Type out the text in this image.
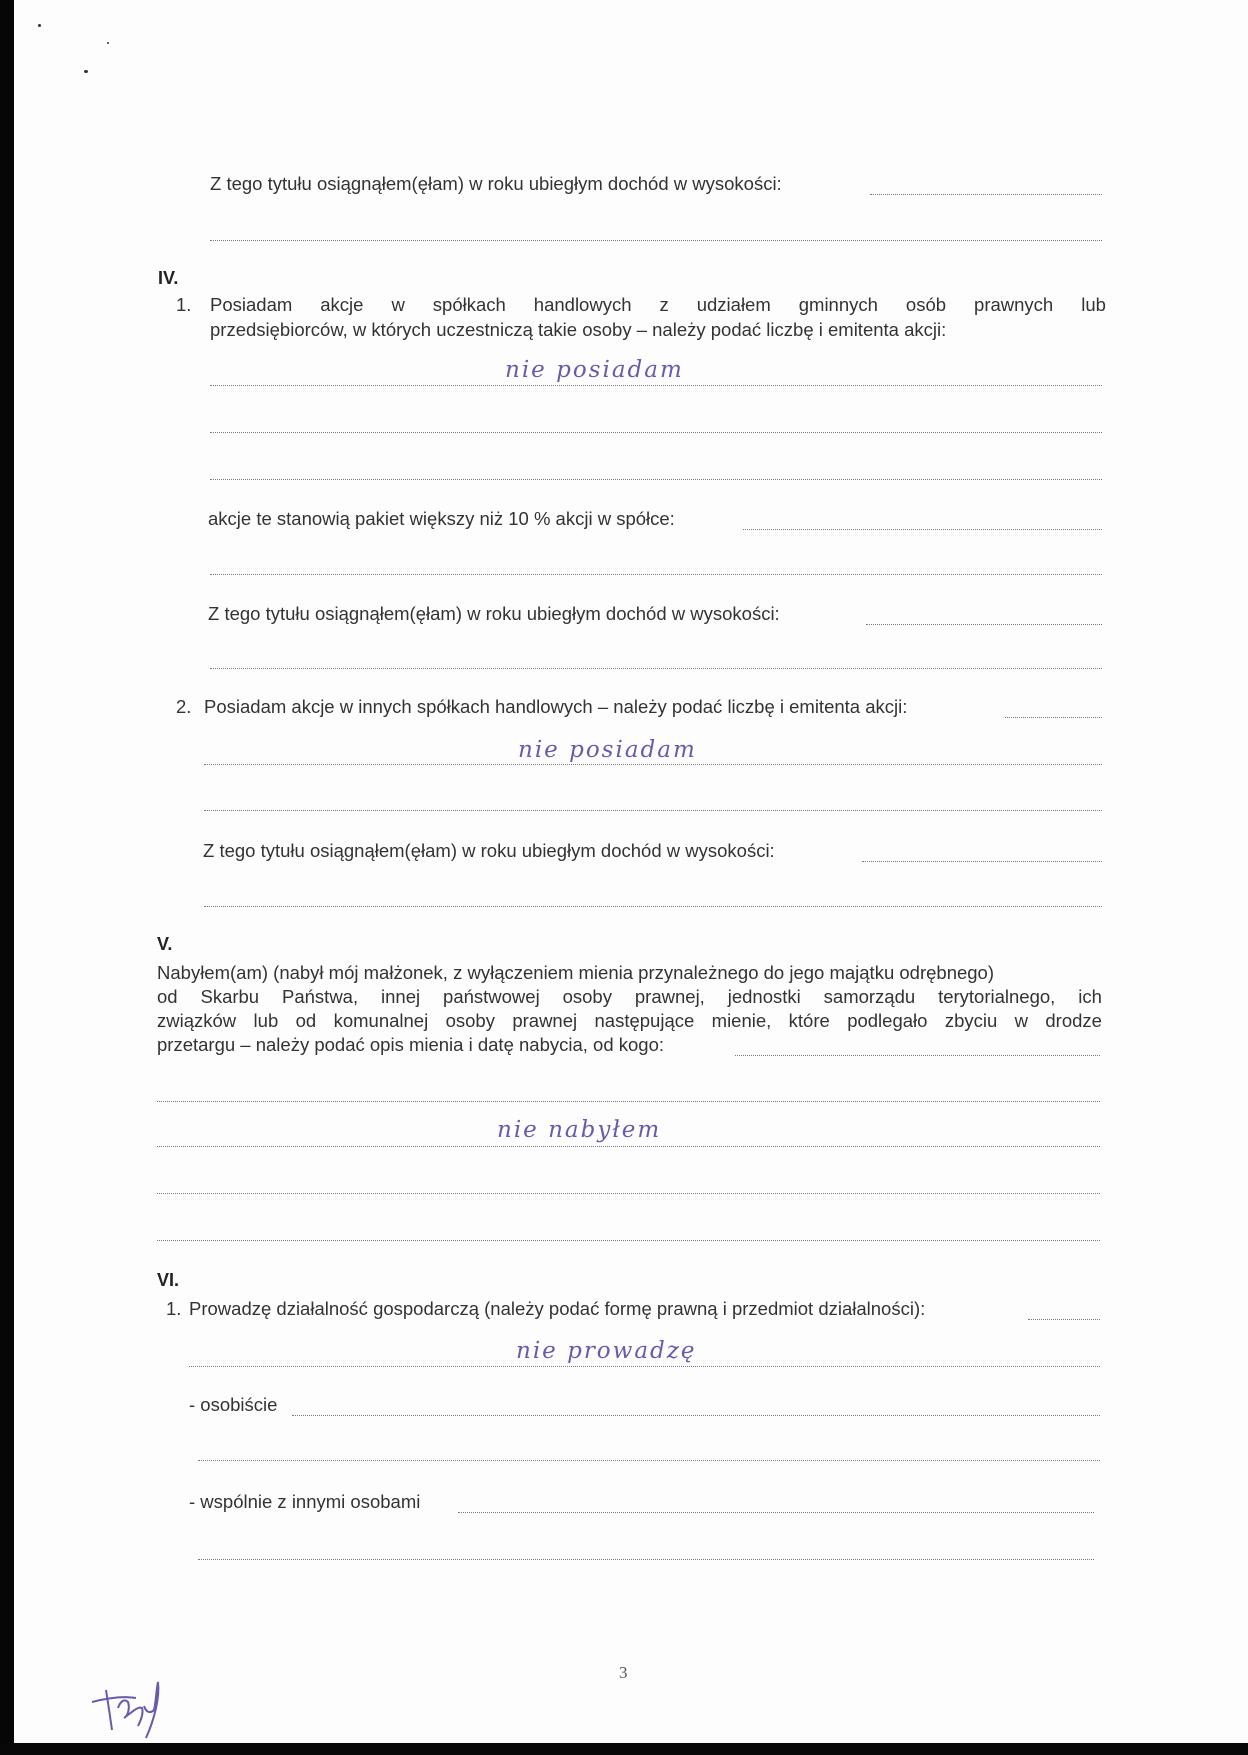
Z tego tytułu osiągnąłem(ęłam) w roku ubiegłym dochód w wysokości:
IV.
1. Posiadam akcje w spółkach handlowych z udziałem gminnych osób prawnych lub
przedsiębiorców, w których uczestniczą takie osoby – należy podać liczbę i emitenta akcji:
nie posiadam
akcje te stanowią pakiet większy niż 10 % akcji w spółce:
Z tego tytułu osiągnąłem(ęłam) w roku ubiegłym dochód w wysokości:
2. Posiadam akcje w innych spółkach handlowych – należy podać liczbę i emitenta akcji:
nie posiadam
Z tego tytułu osiągnąłem(ęłam) w roku ubiegłym dochód w wysokości:
V.
Nabyłem(am) (nabył mój małżonek, z wyłączeniem mienia przynależnego do jego majątku odrębnego)
od Skarbu Państwa, innej państwowej osoby prawnej, jednostki samorządu terytorialnego, ich
związków lub od komunalnej osoby prawnej następujące mienie, które podlegało zbyciu w drodze
przetargu – należy podać opis mienia i datę nabycia, od kogo:
nie nabyłem
VI.
1. Prowadzę działalność gospodarczą (należy podać formę prawną i przedmiot działalności):
nie prowadzę
- osobiście
- wspólnie z innymi osobami
3
